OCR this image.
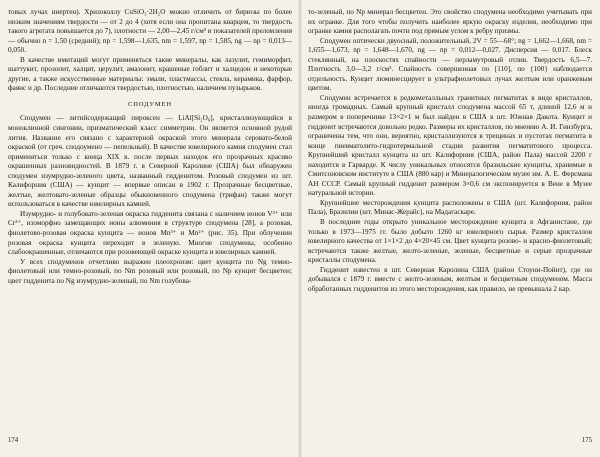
товых лучах инертен). Хризоколлу CuSiO₃·2H₂O можно отличить от бирюзы по более низким значениям твердости — от 2 до 4 (хотя если она пропитана кварцем, то твердость такого агрегата повышается до 7), плотности — 2,00—2,45 г/см³ и показателей преломления — обычно n = 1,50 (средний); nр = 1,598—1,635, nm = 1,597, np = 1,585, ng — np = 0,013—0,050.

В качестве имитаций могут применяться такие минералы, как лазулит, гемиморфит, шаттукит, прозопит, халцит, церулит, амазонит, крашеные гоблит и халцедон и некоторые другие, а также искусственные материалы: эмали, пластмассы, стекла, керамика, фарфор, фаянс и др. Последние отличаются твердостью, плотностью, наличием пузырьков.

СПОДУМЕН

Сподумен — литийсодержащий пироксен — LiAl[Si₂O₆], кристаллизующийся в моноклинной сингонии, призматический класс симметрии. Он является основной рудой лития. Название его связано с характерной окраской этого минерала серовато-белой окраской (от греч. сподоумено — пепельный). В качестве ювелирного камня сподумен стал применяться только с конца XIX в. после первых находок его прозрачных красиво окрашенных разновидностей. В 1879 г. в Северной Каролине (США) был обнаружен сподумен изумрудно-зеленого цвета, названный гидденитом. Розовый сподумен из шт. Калифорния (США) — кунцит — впервые описан в 1902 г. Прозрачные бесцветные, желтые, желтовато-зеленые образцы обыкновенного сподумена (трифан) также могут использоваться в качестве ювелирных камней.

Изумрудно- и голубовато-зеленая окраска гидденита связана с наличием ионов V³⁺ или Cr³⁺, изоморфно замещающих ионы алюминия в структуре сподумена [28], а розовая, фиолетово-розовая окраска кунцита — ионов Mn³⁺ и Mn²⁺ (рис. 35). При облучении розовая окраска кунцита переходит в зеленую. Многие сподумены, особенно слабоокрашенные, отличаются при розовеющей окраске кунцита и ювелирных камней.

У всех сподуменов отчетливо выражен плеохроизм: цвет кунцита по Ng темно-фиолетовый или темно-розовый, по Nm розовый или розовый, по Np кунцит бесцветен; цвет гидденита по Ng изумрудно-зеленый, по Nm голубова-

174

то-зеленый, по Nр минерал бесцветен. Это свойство сподумена необходимо учитывать при их огранке. Для того чтобы получить наиболее яркую окраску изделия, необходимо при огранке камня располагать почти под прямым углом к ребру призмы.

Сподумен оптически двуосный, положительный, 2V = 55—68°; ng = 1,662—1,668, nm = 1,655—1,673, np = 1,648—1,670, ng — np = 0,012—0,027. Дисперсия — 0,017. Блеск стеклянный, на плоскостях спайности — перламутровый отлив. Твердость 6,5—7. Плотность 3,0—3,2 г/см³. Спайность совершенная по [110], по {100} наблюдается отдельность. Кунцит люминесцирует в ультрафиолетовых лучах желтым или оранжевым цветом.

Сподумен встречается в редкометалльных гранитных пегматитах в виде кристаллов, иногда громадных. Самый крупный кристалл сподумена массой 65 т, длиной 12,6 м и размером в поперечнике 13×2×1 м был найден в США в шт. Южная Дакота. Кунцит и гидденит встречаются довольно редко. Размеры их кристаллов, по мнению А. И. Гинзбурга, ограничены тем, что они, вероятно, кристаллизуются в трещинах и пустотах пегматита в конце пневматолито-гидротермальной стадии развития пегматитового процесса. Крупнейший кристалл кунцита из шт. Калифорния (США, район Пала) массой 2200 г находится в Гарварде. К числу уникальных относятся бразильские кунциты, хранимые в Смитсоновском институте в США (880 кар) и Минералогическом музее им. А. Е. Ферсмана АН СССР. Самый крупный гидденит размером 3×0,6 см экспонируется в Вене в Музее натуральной истории.

Крупнейшие месторождения кунцита расположены в США (шт. Калифорния, район Пала), Бразилии (шт. Минас-Жерайс), на Мадагаскаре.

В последние годы открыто уникальное месторождение кунцита в Афганистане, где только в 1973—1975 гг. было добыто 1260 кг ювелирного сырья. Размер кристаллов ювелирного качества от 1×1×2 до 4×20×45 см. Цвет кунцита розово- и красно-фиолетовый; встречаются также желтые, желто-зеленые, зеленые, бесцветные и серые прозрачные кристаллы сподумена.

Гидденит известен в шт. Северная Каролина США (район Стоуни-Пойнт), где он добывался с 1879 г. вместе с желто-зеленым, желтым и бесцветным сподуменом. Масса обработанных гидденитов из этого месторождения, как правило, не превышала 2 кар.

175
